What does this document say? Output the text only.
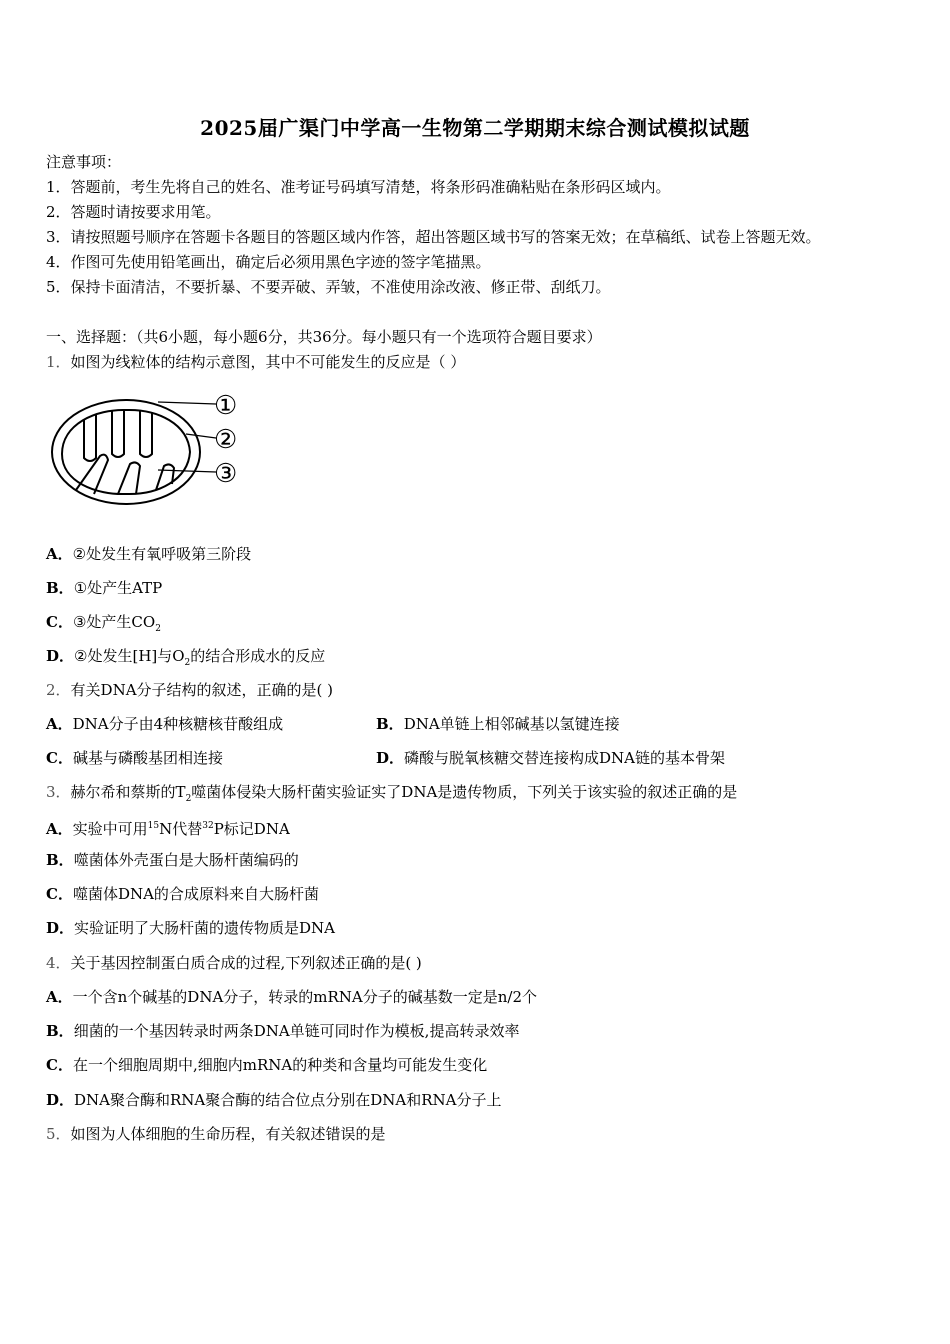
2025届广渠门中学高一生物第二学期期末综合测试模拟试题
注意事项：
1．答题前，考生先将自己的姓名、准考证号码填写清楚，将条形码准确粘贴在条形码区域内。
2．答题时请按要求用笔。
3．请按照题号顺序在答题卡各题目的答题区域内作答，超出答题区域书写的答案无效；在草稿纸、试卷上答题无效。
4．作图可先使用铅笔画出，确定后必须用黑色字迹的签字笔描黑。
5．保持卡面清洁，不要折暴、不要弄破、弄皱，不准使用涂改液、修正带、刮纸刀。
一、选择题：（共6小题，每小题6分，共36分。每小题只有一个选项符合题目要求）
1．如图为线粒体的结构示意图，其中不可能发生的反应是（ ）
①
②
③
A．②处发生有氧呼吸第三阶段
B．①处产生ATP
C．③处产生$CO_2$
D．②处发生[H]与$O_2$的结合形成水的反应
2．有关DNA分子结构的叙述，正确的是( )
A．DNA分子由4种核糖核苷酸组成	B．DNA单链上相邻碱基以氢键连接
C．碱基与磷酸基团相连接	D．磷酸与脱氧核糖交替连接构成DNA链的基本骨架
3．赫尔希和蔡斯的$T_2$噬菌体侵染大肠杆菌实验证实了DNA是遗传物质，下列关于该实验的叙述正确的是
A．实验中可用$^{15}$N代替$^{32}$P标记DNA
B．噬菌体外壳蛋白是大肠杆菌编码的
C．噬菌体DNA的合成原料来自大肠杆菌
D．实验证明了大肠杆菌的遗传物质是DNA
4．关于基因控制蛋白质合成的过程,下列叙述正确的是( )
A．一个含n个碱基的DNA分子，转录的mRNA分子的碱基数一定是n/2个
B．细菌的一个基因转录时两条DNA单链可同时作为模板,提高转录效率
C．在一个细胞周期中,细胞内mRNA的种类和含量均可能发生变化
D．DNA聚合酶和RNA聚合酶的结合位点分别在DNA和RNA分子上
5．如图为人体细胞的生命历程，有关叙述错误的是
